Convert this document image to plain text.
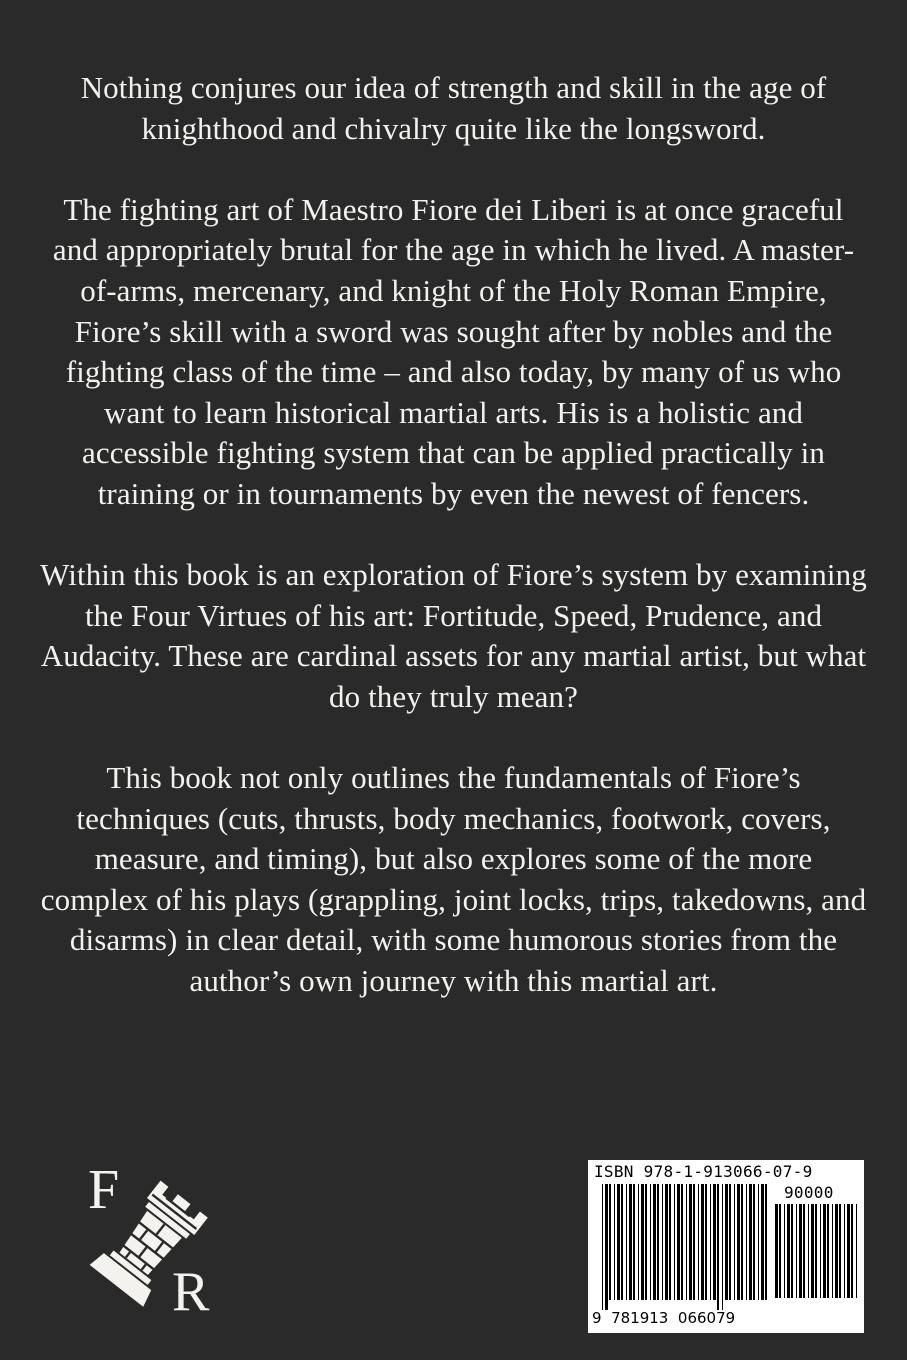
Nothing conjures our idea of strength and skill in the age of knighthood and chivalry quite like the longsword.

The fighting art of Maestro Fiore dei Liberi is at once graceful and appropriately brutal for the age in which he lived. A master-of-arms, mercenary, and knight of the Holy Roman Empire, Fiore’s skill with a sword was sought after by nobles and the fighting class of the time – and also today, by many of us who want to learn historical martial arts. His is a holistic and accessible fighting system that can be applied practically in training or in tournaments by even the newest of fencers.

Within this book is an exploration of Fiore’s system by examining the Four Virtues of his art: Fortitude, Speed, Prudence, and Audacity. These are cardinal assets for any martial artist, but what do they truly mean?

This book not only outlines the fundamentals of Fiore’s techniques (cuts, thrusts, body mechanics, footwork, covers, measure, and timing), but also explores some of the more complex of his plays (grappling, joint locks, trips, takedowns, and disarms) in clear detail, with some humorous stories from the author’s own journey with this martial art.

F
R
ISBN 978-1-913066-07-9
90000
9 781913 066079
